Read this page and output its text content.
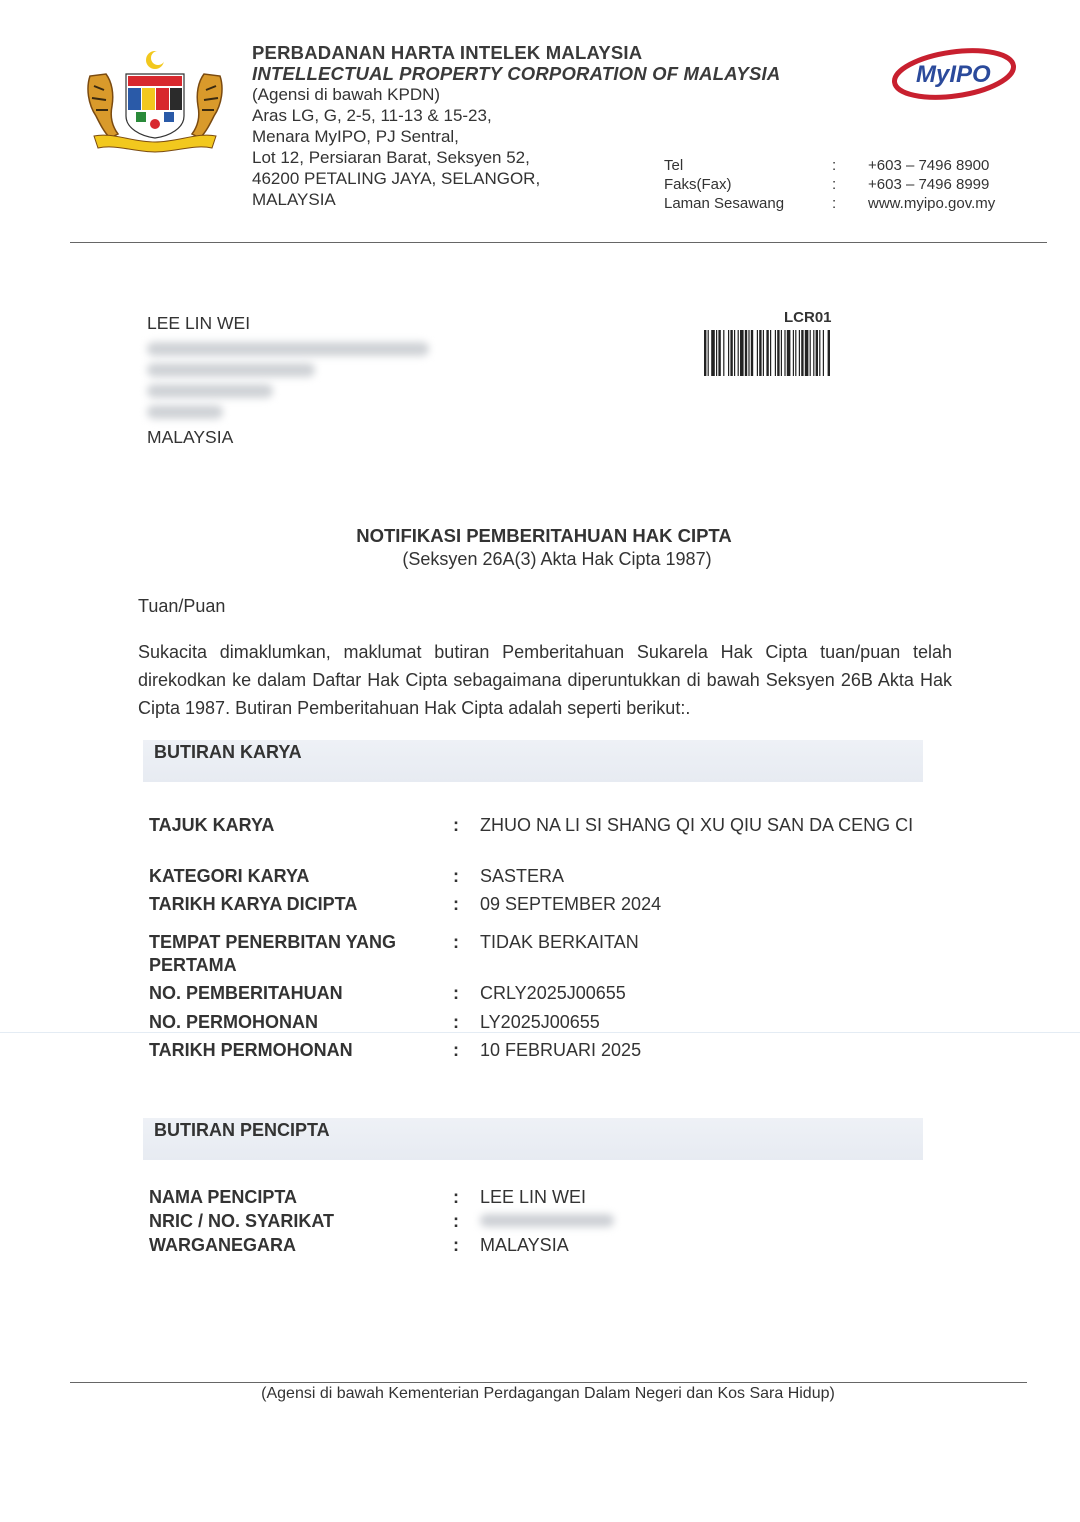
PERBADANAN HARTA INTELEK MALAYSIA
INTELLECTUAL PROPERTY CORPORATION OF MALAYSIA
(Agensi di bawah KPDN)
Aras LG, G, 2-5, 11-13 & 15-23,
Menara MyIPO, PJ Sentral,
Lot 12, Persiaran Barat, Seksyen 52,
46200 PETALING JAYA, SELANGOR,
MALAYSIA
MyIPO
Tel	:	+603 – 7496 8900
Faks(Fax)	:	+603 – 7496 8999
Laman Sesawang	:	www.myipo.gov.my
LEE LIN WEI
MALAYSIA
LCR01
NOTIFIKASI PEMBERITAHUAN HAK CIPTA
(Seksyen 26A(3) Akta Hak Cipta 1987)
Tuan/Puan
Sukacita dimaklumkan, maklumat butiran Pemberitahuan Sukarela Hak Cipta tuan/puan telah direkodkan ke dalam Daftar Hak Cipta sebagaimana diperuntukkan di bawah Seksyen 26B Akta Hak Cipta 1987. Butiran Pemberitahuan Hak Cipta adalah seperti berikut:.
BUTIRAN KARYA
TAJUK KARYA	: ZHUO NA LI SI SHANG QI XU QIU SAN DA CENG CI
KATEGORI KARYA	: SASTERA
TARIKH KARYA DICIPTA	: 09 SEPTEMBER 2024
TEMPAT PENERBITAN YANG PERTAMA
: TIDAK BERKAITAN
NO. PEMBERITAHUAN	: CRLY2025J00655
NO. PERMOHONAN	: LY2025J00655
TARIKH PERMOHONAN	: 10 FEBRUARI 2025
BUTIRAN PENCIPTA
NAMA PENCIPTA	: LEE LIN WEI
NRIC / NO. SYARIKAT	:
WARGANEGARA	: MALAYSIA
(Agensi di bawah Kementerian Perdagangan Dalam Negeri dan Kos Sara Hidup)
